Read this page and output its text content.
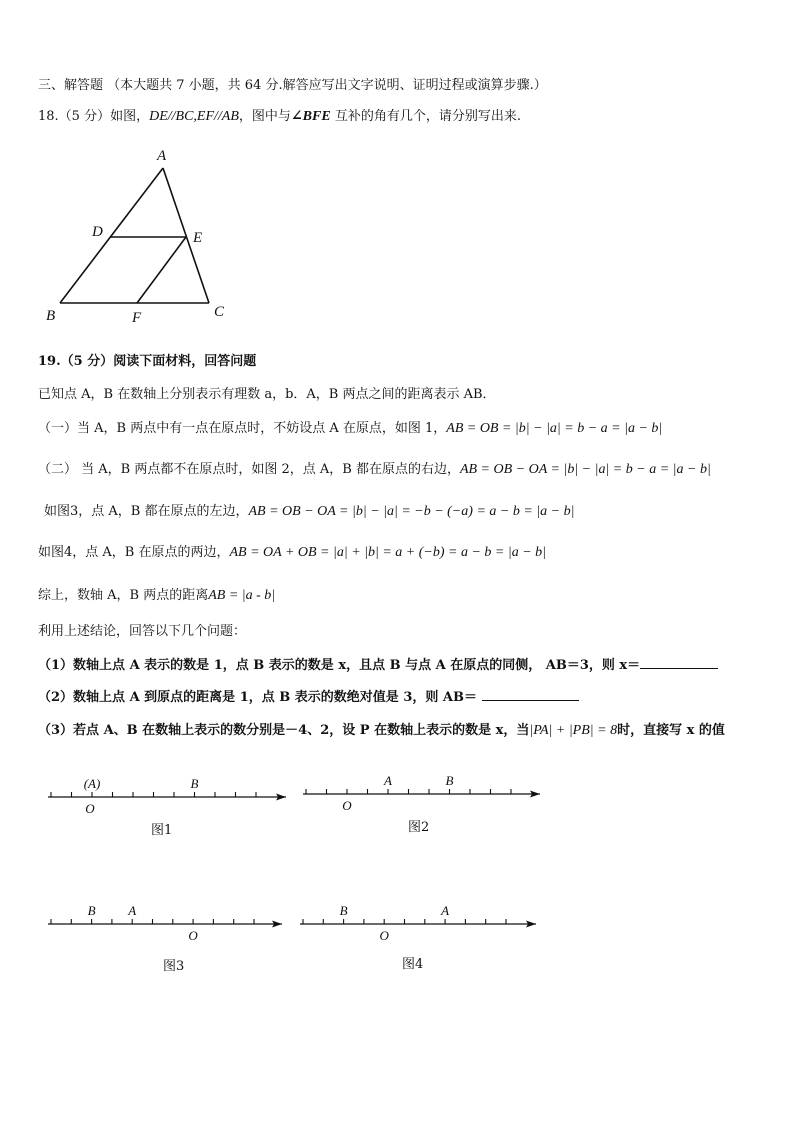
三、解答题 （本大题共 7 小题，共 64 分.解答应写出文字说明、证明过程或演算步骤.）
18.（5 分）如图，DE//BC,EF//AB，图中与∠BFE 互补的角有几个，请分别写出来.
A
D	E
B	F	C
19.（5 分）阅读下面材料，回答问题
已知点 A，B 在数轴上分别表示有理数 a，b．A，B 两点之间的距离表示 AB．
（一）当 A，B 两点中有一点在原点时，不妨设点 A 在原点，如图 1，AB = OB = |b| − |a| = b − a = |a − b|
（二） 当 A，B 两点都不在原点时，如图 2，点 A，B 都在原点的右边，AB = OB − OA = |b| − |a| = b − a = |a − b|
如图3，点 A，B 都在原点的左边，AB = OB − OA = |b| − |a| = −b − (−a) = a − b = |a − b|
如图4，点 A，B 在原点的两边，AB = OA + OB = |a| + |b| = a + (−b) = a − b = |a − b|
综上，数轴 A，B 两点的距离AB = |a - b|
利用上述结论，回答以下几个问题：
（1）数轴上点 A 表示的数是 1，点 B 表示的数是 x，且点 B 与点 A 在原点的同侧， AB＝3，则 x＝
（2）数轴上点 A 到原点的距离是 1，点 B 表示的数绝对值是 3，则 AB＝
（3）若点 A、B 在数轴上表示的数分别是－4、2，设 P 在数轴上表示的数是 x，当|PA| + |PB| = 8时，直接写 x 的值
(A)
O
B
O
A	B
B	A
O
B
O
A
图1	图2
图3	图4
